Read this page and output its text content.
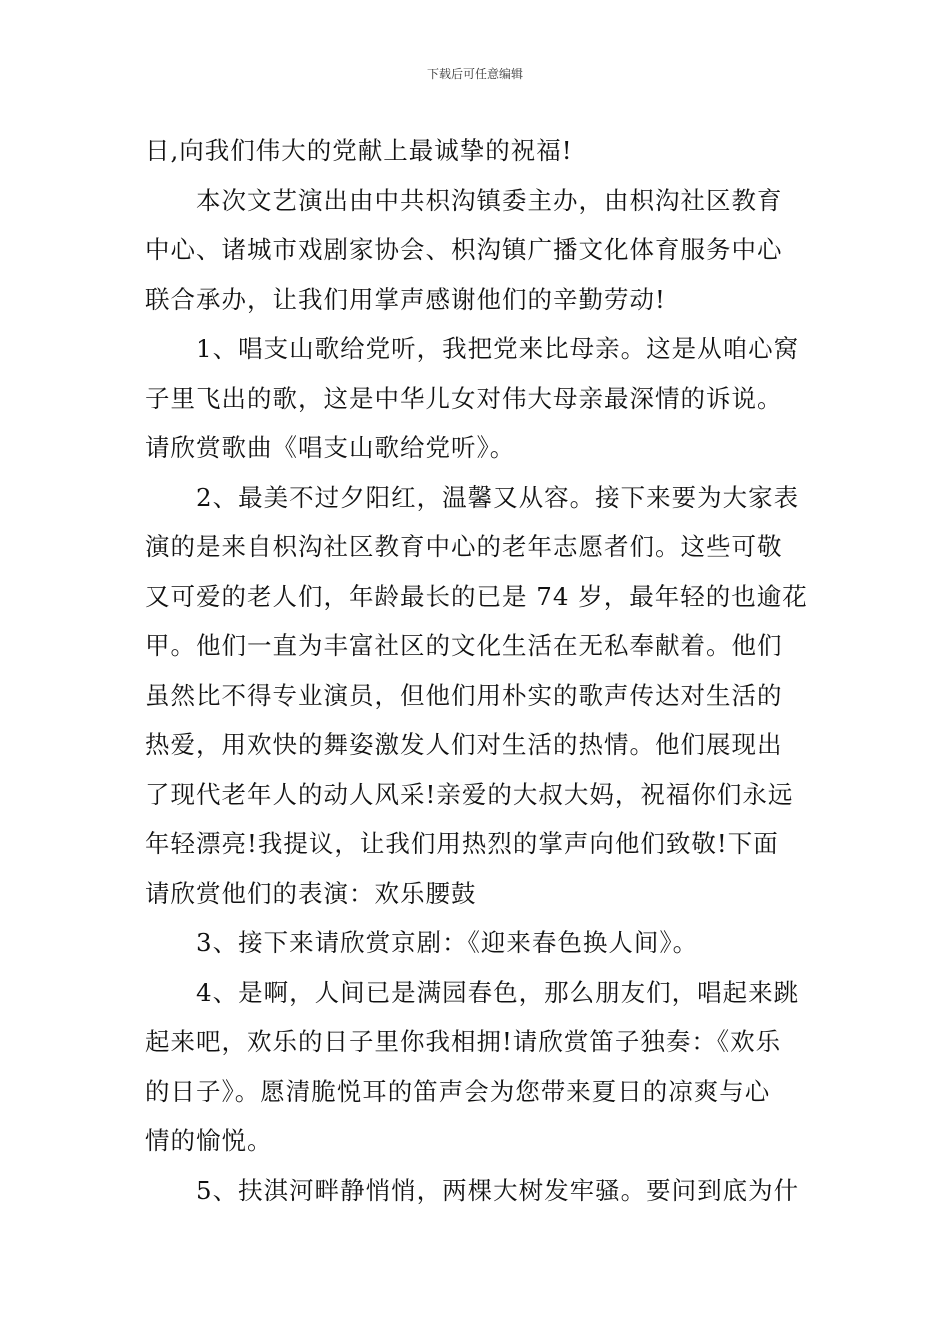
下载后可任意编辑

日,向我们伟大的党献上最诚挚的祝福!

　　本次文艺演出由中共枳沟镇委主办，由枳沟社区教育

中心、诸城市戏剧家协会、枳沟镇广播文化体育服务中心

联合承办，让我们用掌声感谢他们的辛勤劳动!

　　1、唱支山歌给党听，我把党来比母亲。这是从咱心窝

子里飞出的歌，这是中华儿女对伟大母亲最深情的诉说。

请欣赏歌曲《唱支山歌给党听》。

　　2、最美不过夕阳红，温馨又从容。接下来要为大家表

演的是来自枳沟社区教育中心的老年志愿者们。这些可敬

又可爱的老人们，年龄最长的已是 74 岁，最年轻的也逾花

甲。他们一直为丰富社区的文化生活在无私奉献着。他们

虽然比不得专业演员，但他们用朴实的歌声传达对生活的

热爱，用欢快的舞姿激发人们对生活的热情。他们展现出

了现代老年人的动人风采!亲爱的大叔大妈，祝福你们永远

年轻漂亮!我提议，让我们用热烈的掌声向他们致敬!下面

请欣赏他们的表演：欢乐腰鼓

　　3、接下来请欣赏京剧：《迎来春色换人间》。

　　4、是啊，人间已是满园春色，那么朋友们，唱起来跳

起来吧，欢乐的日子里你我相拥!请欣赏笛子独奏：《欢乐

的日子》。愿清脆悦耳的笛声会为您带来夏日的凉爽与心

情的愉悦。

　　5、扶淇河畔静悄悄，两棵大树发牢骚。要问到底为什
